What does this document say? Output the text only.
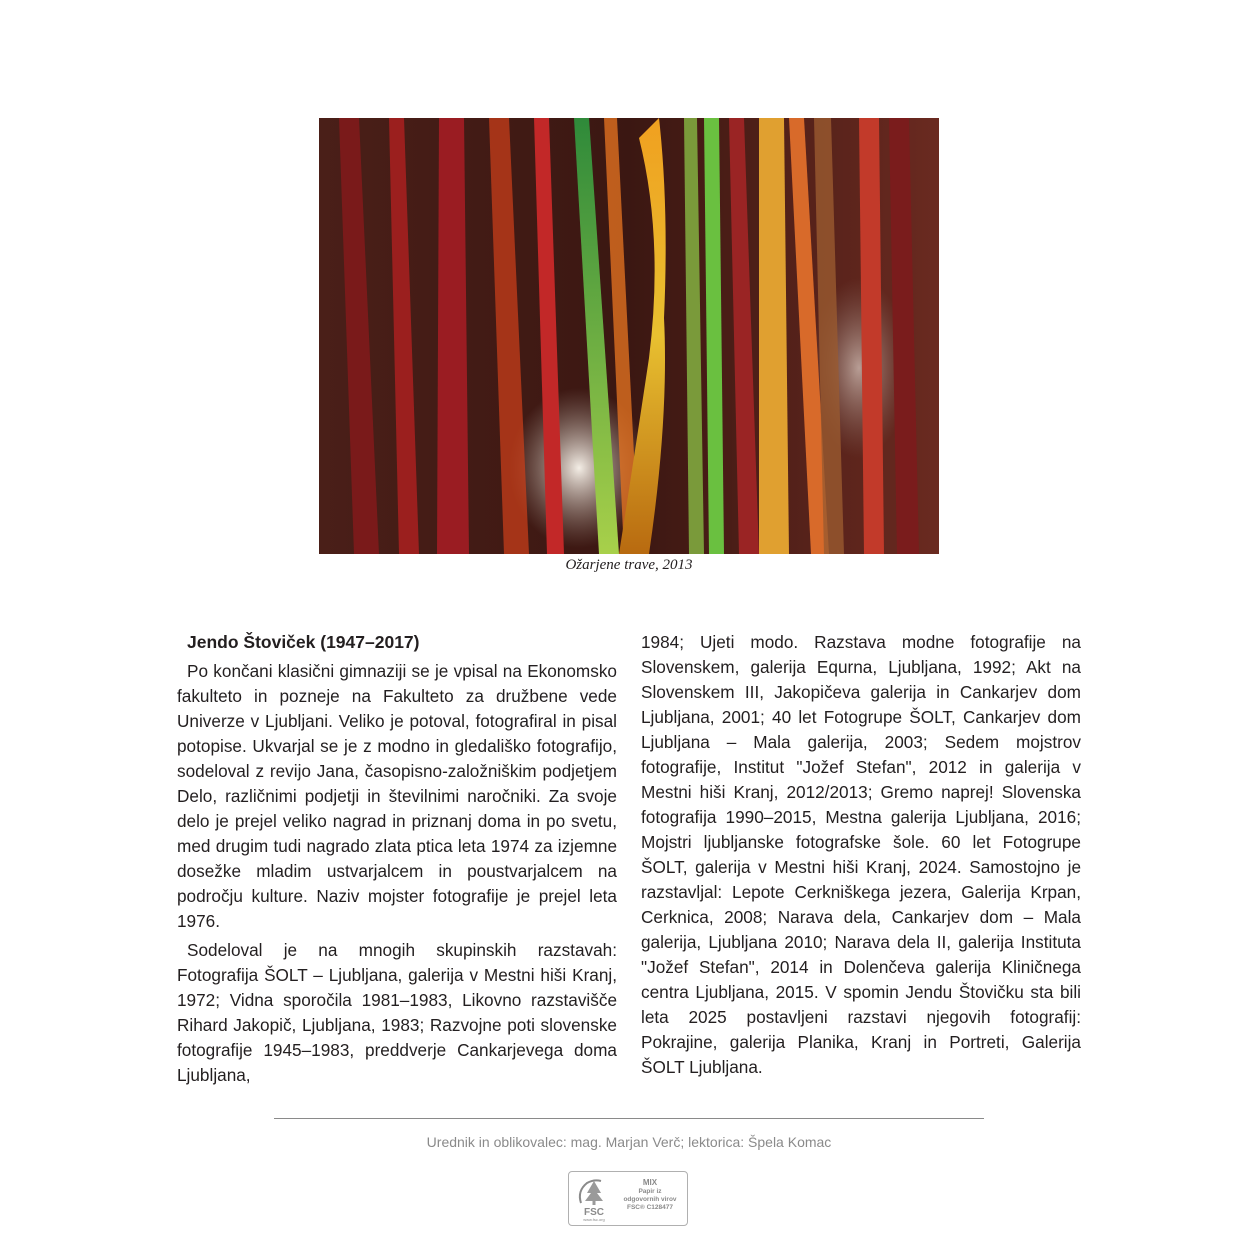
Ožarjene trave, 2013

Jendo Štoviček (1947–2017)

Po končani klasični gimnaziji se je vpisal na Ekonomsko fakulteto in pozneje na Fakulteto za družbene vede Univerze v Ljubljani. Veliko je potoval, fotografiral in pisal potopise. Ukvarjal se je z modno in gledališko fotografijo, sodeloval z revijo Jana, časopisno-založniškim podjetjem Delo, različnimi podjetji in številnimi naročniki. Za svoje delo je prejel veliko nagrad in priznanj doma in po svetu, med drugim tudi nagrado zlata ptica leta 1974 za izjemne dosežke mladim ustvarjalcem in poustvarjalcem na področju kulture. Naziv mojster fotografije je prejel leta 1976.

Sodeloval je na mnogih skupinskih razstavah: Fotografija ŠOLT – Ljubljana, galerija v Mestni hiši Kranj, 1972; Vidna sporočila 1981–1983, Likovno razstavišče Rihard Jakopič, Ljubljana, 1983; Razvojne poti slovenske fotografije 1945–1983, preddverje Cankarjevega doma Ljubljana,

1984; Ujeti modo. Razstava modne fotografije na Slovenskem, galerija Equrna, Ljubljana, 1992; Akt na Slovenskem III, Jakopičeva galerija in Cankarjev dom Ljubljana, 2001; 40 let Fotogrupe ŠOLT, Cankarjev dom Ljubljana – Mala galerija, 2003; Sedem mojstrov fotografije, Institut "Jožef Stefan", 2012 in galerija v Mestni hiši Kranj, 2012/2013; Gremo naprej! Slovenska fotografija 1990–2015, Mestna galerija Ljubljana, 2016; Mojstri ljubljanske fotografske šole. 60 let Fotogrupe ŠOLT, galerija v Mestni hiši Kranj, 2024. Samostojno je razstavljal: Lepote Cerkniškega jezera, Galerija Krpan, Cerknica, 2008; Narava dela, Cankarjev dom – Mala galerija, Ljubljana 2010; Narava dela II, galerija Instituta "Jožef Stefan", 2014 in Dolenčeva galerija Kliničnega centra Ljubljana, 2015. V spomin Jendu Štovičku sta bili leta 2025 postavljeni razstavi njegovih fotografij: Pokrajine, galerija Planika, Kranj in Portreti, Galerija ŠOLT Ljubljana.

Urednik in oblikovalec: mag. Marjan Verč; lektorica: Špela Komac
FSC
www.fsc.org
MIX
Papir iz
odgovornih virov
FSC® C128477
